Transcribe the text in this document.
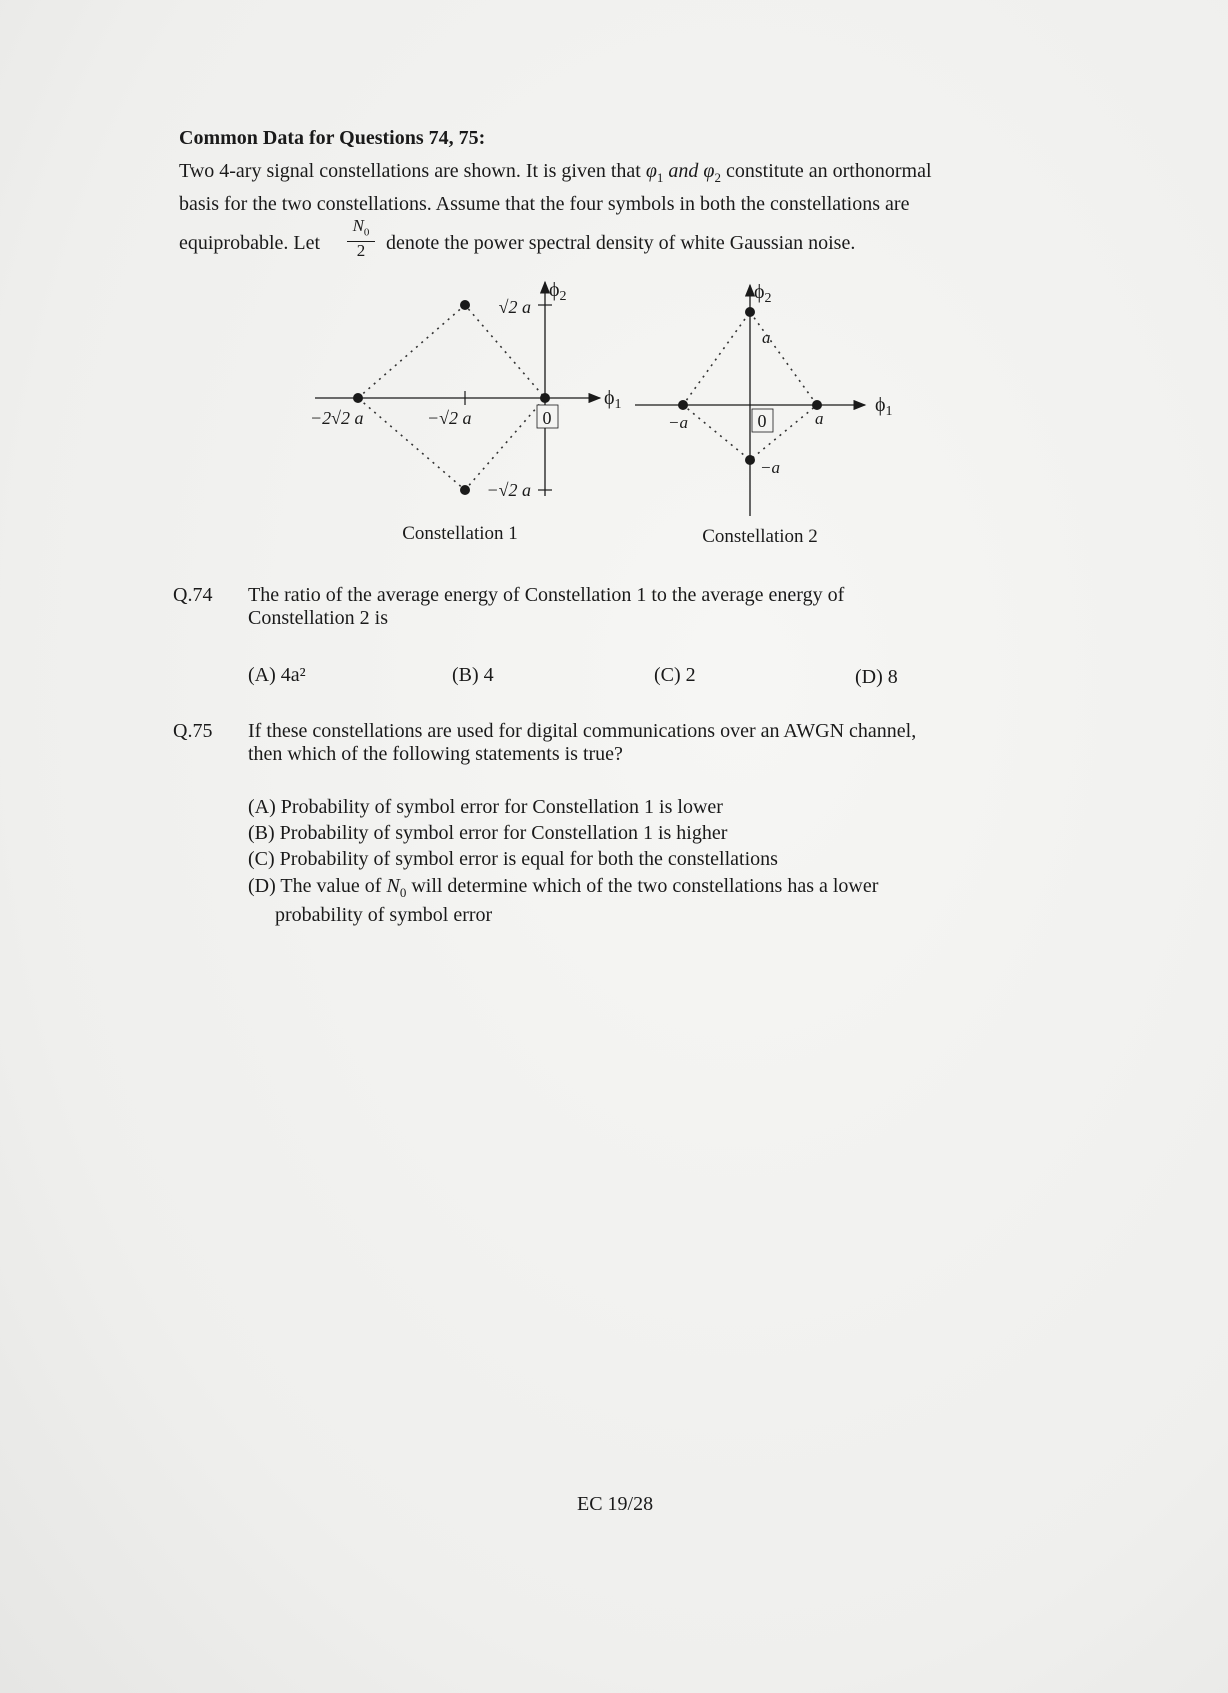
Common Data for Questions 74, 75:
Two 4-ary signal constellations are shown. It is given that $\varphi_1$ and $\varphi_2$ constitute an orthonormal
basis for the two constellations. Assume that the four symbols in both the constellations are
equiprobable. Let $\frac{N_0}{2}$ denote the power spectral density of white Gaussian noise.
$\phi_2$
$\phi_1$
√2 a
−√2 a
−2√2 a	−√2 a	0
Constellation 1
$\phi_2$
$\phi_1$
a
−a
−a	a
0
Constellation 2
Q.74 The ratio of the average energy of Constellation 1 to the average energy of
Constellation 2 is
(A) 4a²	(B) 4	(C) 2	(D) 8
Q.75 If these constellations are used for digital communications over an AWGN channel,
then which of the following statements is true?
(A) Probability of symbol error for Constellation 1 is lower
(B) Probability of symbol error for Constellation 1 is higher
(C) Probability of symbol error is equal for both the constellations
(D) The value of $N_0$ will determine which of the two constellations has a lower
probability of symbol error
EC 19/28
